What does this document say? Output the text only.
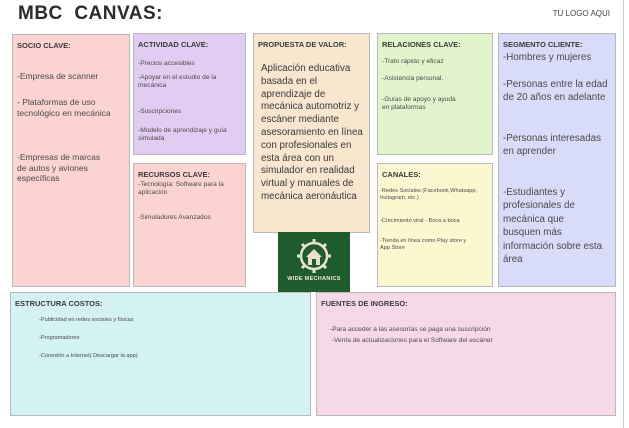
MBC  CANVAS:	TU LOGO AQUI
SOCIO CLAVE:
-Empresa de scanner
- Plataformas de uso tecnológico en mecánica
-Empresas de marcas de autos y aviones específicas
ACTIVIDAD CLAVE:
-Precios accesibles
-Apoyar en el estudio de la mecánica
-Suscripciones
-Modelo de aprendizaje y guía simulada
RECURSOS CLAVE:
-Tecnología: Software para la aplicación
-Simuladores Avanzados
PROPUESTA DE VALOR:
Aplicación educativa basada en el aprendizaje de mecánica automotriz y escáner mediante asesoramiento en línea con profesionales en esta área con un simulador en realidad virtual y manuales de mecánica aeronáutica
WIDE MECHANICS
RELACIONES CLAVE:
-Trato rápido y eficaz
-Asistencia personal.
-Guías de apoyo y ayuda en plataformas
CANALES:
-Redes Sociales (Facebook,Whatsapp, Instagram, etc.)
-Crecimiento viral - Boca a boca
-Tienda en línea como Play store y App Store
SEGMENTO CLIENTE:
-Hombres y mujeres
-Personas entre la edad de 20 años en adelante
-Personas interesadas en aprender
-Estudiantes y profesionales de mecánica que busquen más información sobre esta área
ESTRUCTURA COSTOS:
-Publicidad en redes sociales y físicas
-Programadores
-Conexión a Internet( Descargar la app)
FUENTES DE INGRESO:
-Para acceder a las asesorías se paga una suscripción
-Venta de actualizaciones para el Software del escáner
